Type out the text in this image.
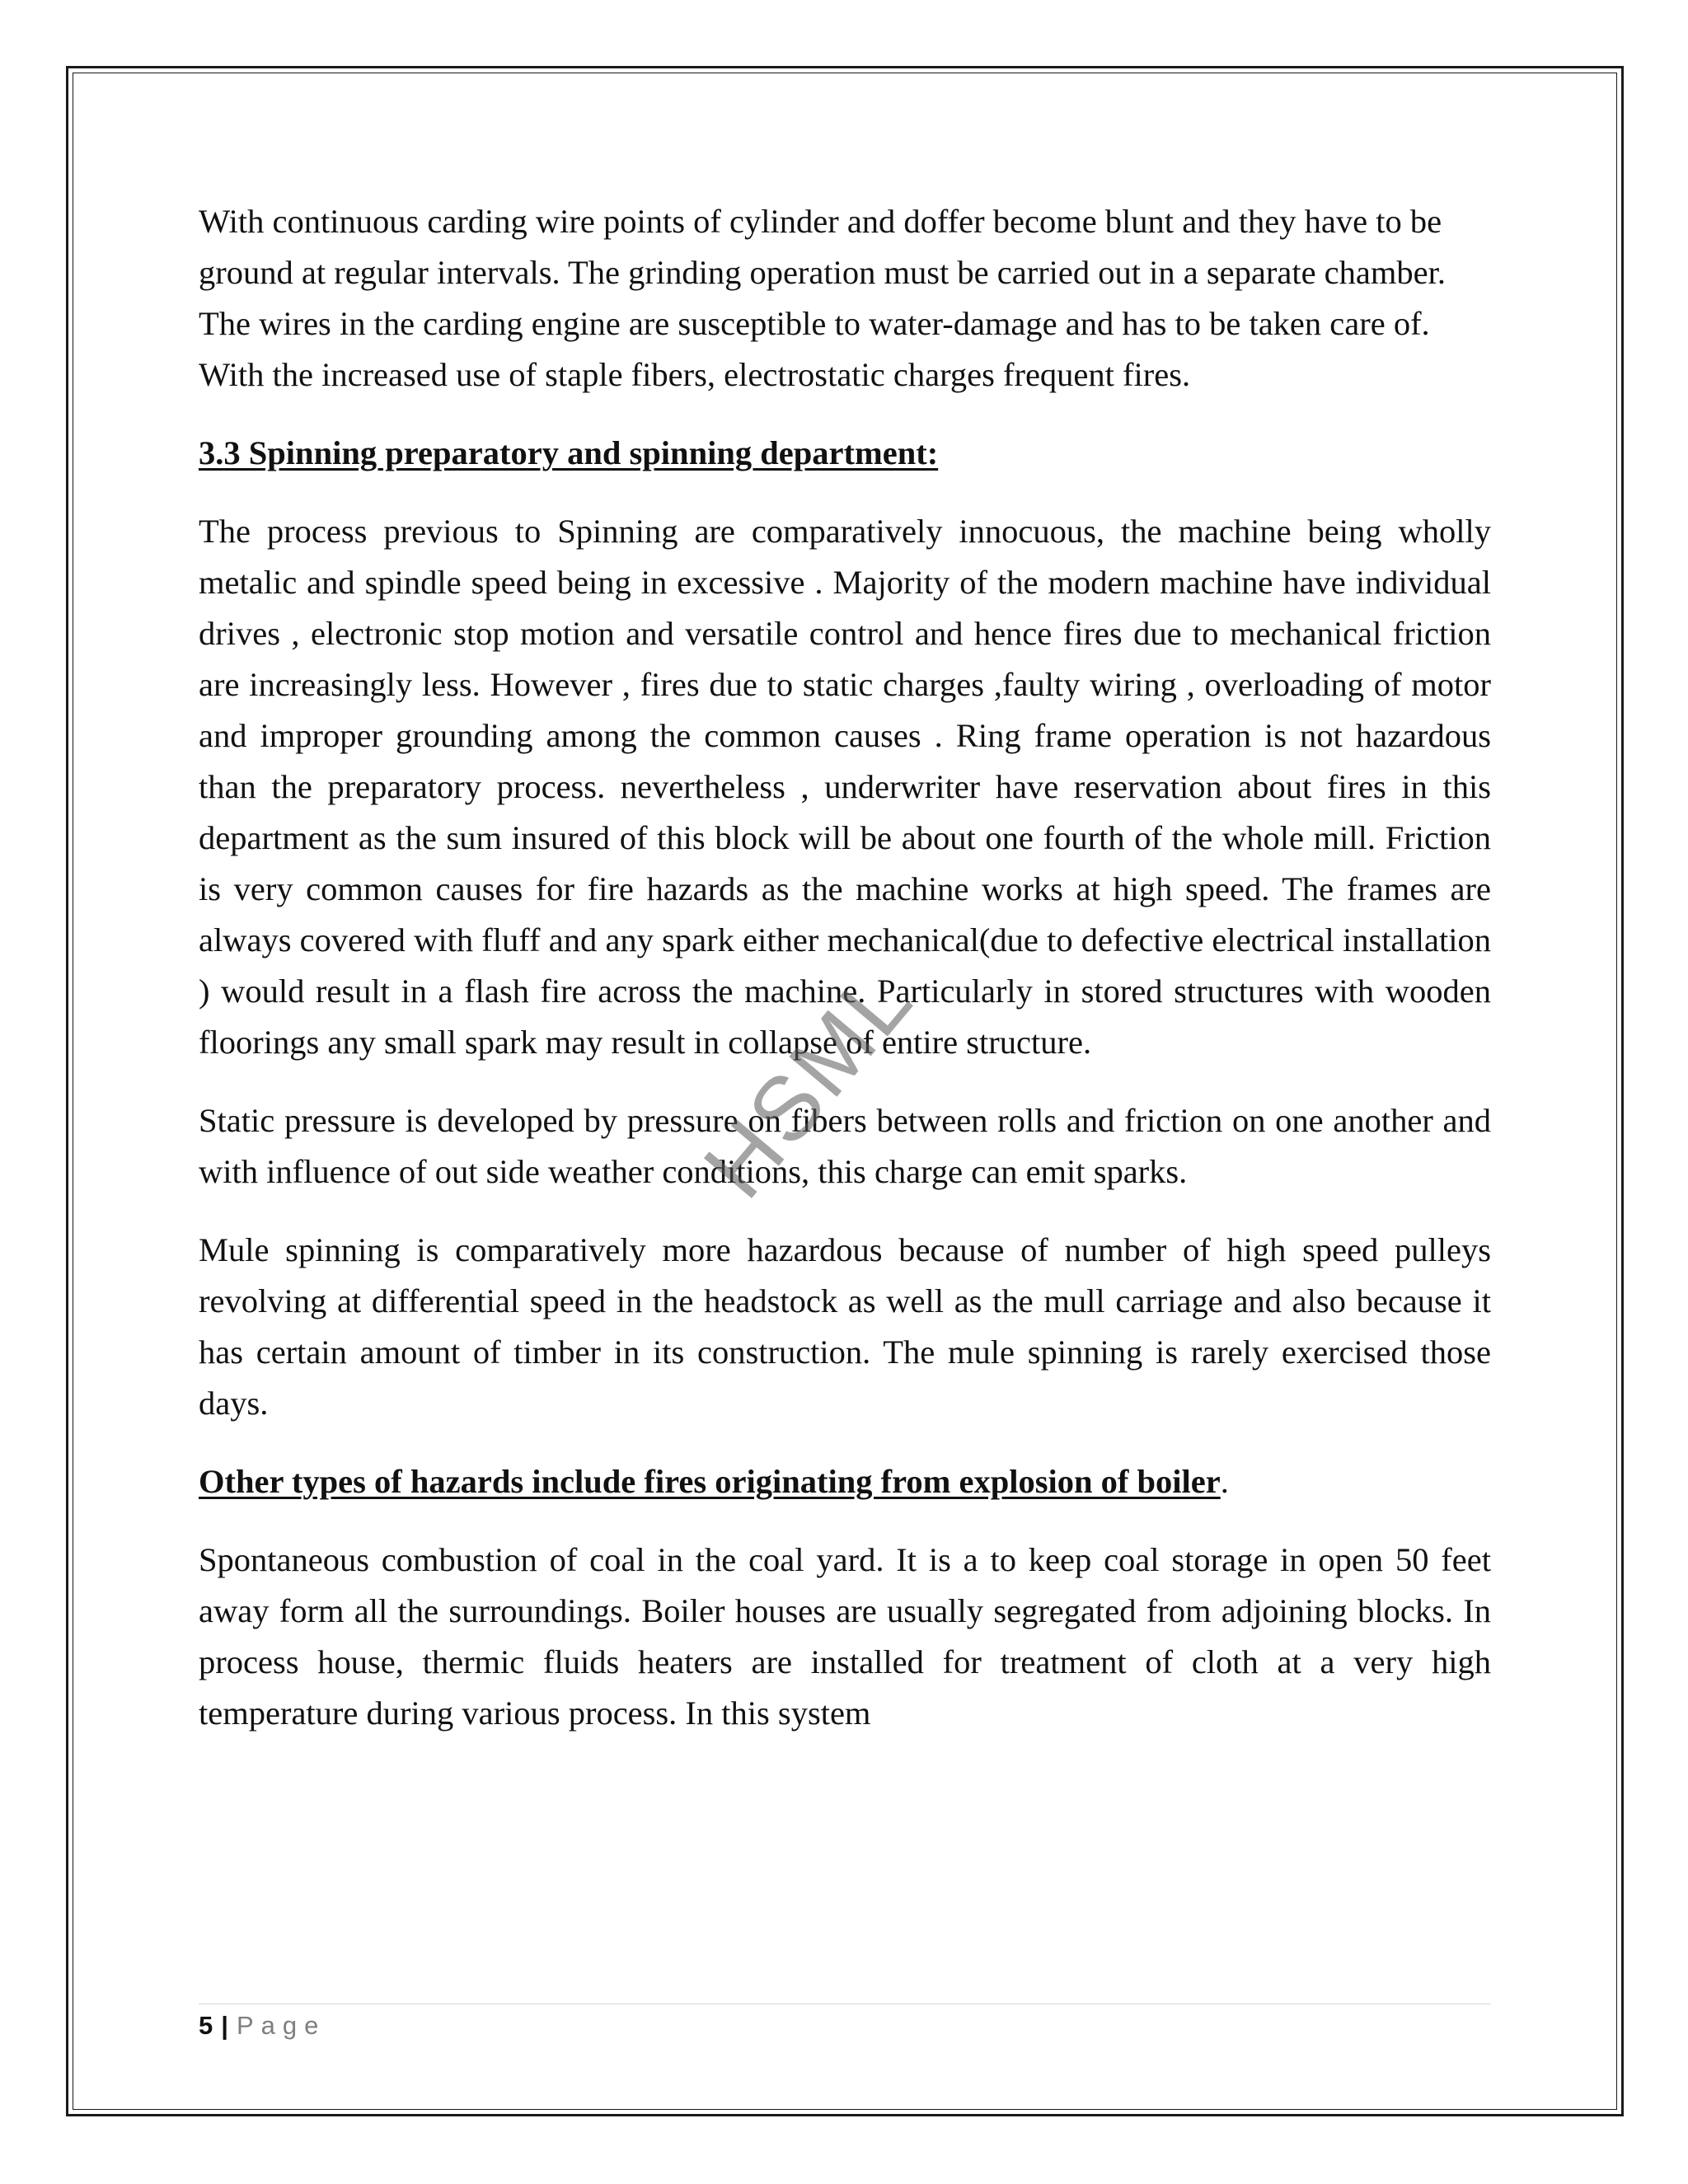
With continuous carding wire points of cylinder and doffer become blunt and they have to be ground at regular intervals. The grinding operation must be carried out in a separate chamber. The wires in the carding engine are susceptible to water-damage and has to be taken care of. With the increased use of staple fibers, electrostatic charges frequent fires.

3.3 Spinning preparatory and spinning department:

The process previous to Spinning are comparatively innocuous, the machine being wholly metalic and spindle speed being in excessive . Majority of the modern machine have individual drives , electronic stop motion and versatile control and hence fires due to mechanical friction are increasingly less. However , fires due to static charges ,faulty wiring , overloading of motor and improper grounding among the common causes . Ring frame operation is not hazardous than the preparatory process. nevertheless , underwriter have reservation about fires in this department as the sum insured of this block will be about one fourth of the whole mill. Friction is very common causes for fire hazards as the machine works at high speed. The frames are always covered with fluff and any spark either mechanical(due to defective electrical installation ) would result in a flash fire across the machine. Particularly in stored structures with wooden floorings any small spark may result in collapse of entire structure.

Static pressure is developed by pressure on fibers between rolls and friction on one another and with influence of out side weather conditions, this charge can emit sparks.

Mule spinning is comparatively more hazardous because of number of high speed pulleys revolving at differential speed in the headstock as well as the mull carriage and also because it has certain amount of timber in its construction. The mule spinning is rarely exercised those days.

Other types of hazards include fires originating from explosion of boiler.

Spontaneous combustion of coal in the coal yard. It is a to keep coal storage in open 50 feet away form all the surroundings. Boiler houses are usually segregated from adjoining blocks. In process house, thermic fluids heaters are installed for treatment of cloth at a very high temperature during various process. In this system

HSML
5 | Page
